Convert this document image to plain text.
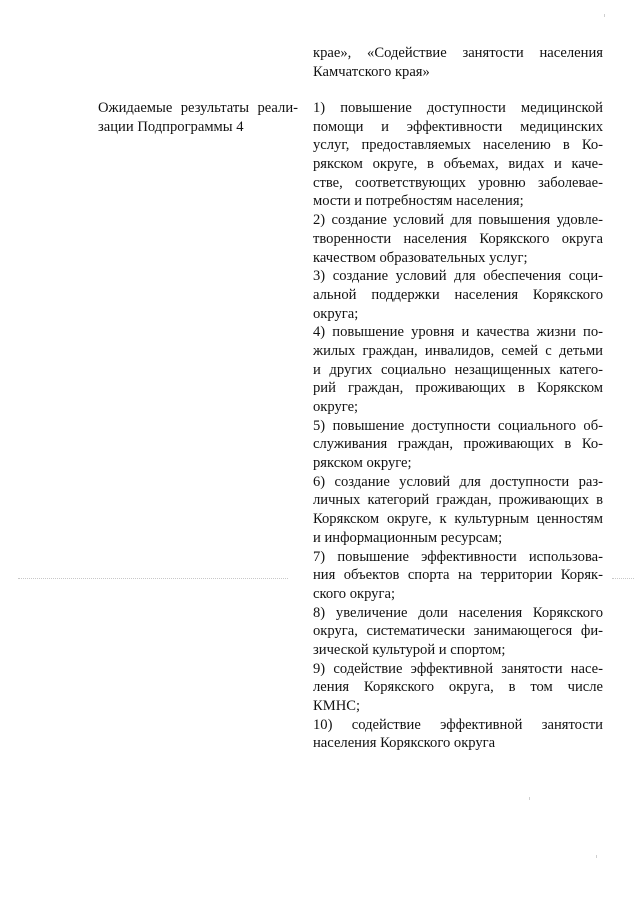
крае», «Содействие занятости населения
Камчатского края»
Ожидаемые результаты реали-
зации Подпрограммы 4
1) повышение доступности медицинской
помощи и эффективности медицинских
услуг, предоставляемых населению в Ко-
рякском округе, в объемах, видах и каче-
стве, соответствующих уровню заболевае-
мости и потребностям населения;
2) создание условий для повышения удовле-
творенности населения Корякского округа
качеством образовательных услуг;
3) создание условий для обеспечения соци-
альной поддержки населения Корякского
округа;
4) повышение уровня и качества жизни по-
жилых граждан, инвалидов, семей с детьми
и других социально незащищенных катего-
рий граждан, проживающих в Корякском
округе;
5) повышение доступности социального об-
служивания граждан, проживающих в Ко-
рякском округе;
6) создание условий для доступности раз-
личных категорий граждан, проживающих в
Корякском округе, к культурным ценностям
и информационным ресурсам;
7) повышение эффективности использова-
ния объектов спорта на территории Коряк-
ского округа;
8) увеличение доли населения Корякского
округа, систематически занимающегося фи-
зической культурой и спортом;
9) содействие эффективной занятости насе-
ления Корякского округа, в том числе
КМНС;
10) содействие эффективной занятости
населения Корякского округа
